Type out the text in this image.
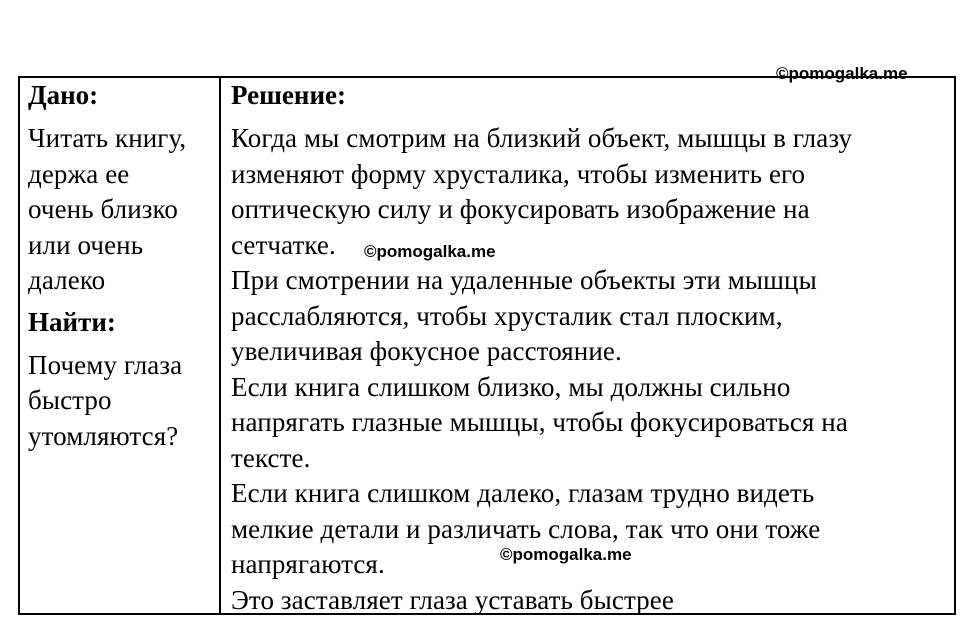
Дано:
Читать книгу,
держа ее
очень близко
или очень
далеко
Найти:
Почему глаза
быстро
утомляются?
Решение:
Когда мы смотрим на близкий объект, мышцы в глазу
изменяют форму хрусталика, чтобы изменить его
оптическую силу и фокусировать изображение на
сетчатке.
При смотрении на удаленные объекты эти мышцы
расслабляются, чтобы хрусталик стал плоским,
увеличивая фокусное расстояние.
Если книга слишком близко, мы должны сильно
напрягать глазные мышцы, чтобы фокусироваться на
тексте.
Если книга слишком далеко, глазам трудно видеть
мелкие детали и различать слова, так что они тоже
напрягаются.
Это заставляет глаза уставать быстрее
©pomogalka.me
©pomogalka.me
©pomogalka.me
